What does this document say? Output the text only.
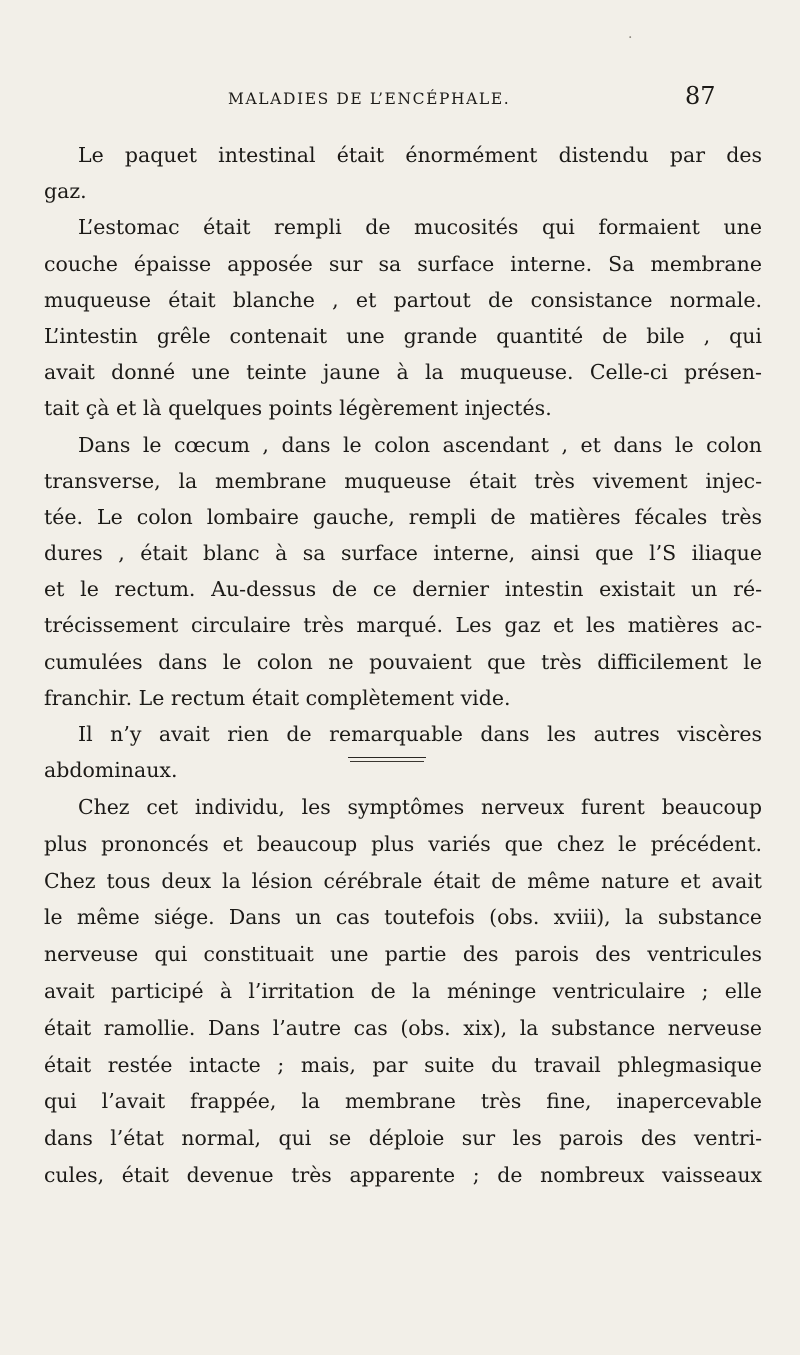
MALADIES DE L’ENCÉPHALE.	87
Le paquet intestinal était énormément distendu par des
gaz.
L’estomac était rempli de mucosités qui formaient une
couche épaisse apposée sur sa surface interne. Sa membrane
muqueuse était blanche , et partout de consistance normale.
L’intestin grêle contenait une grande quantité de bile , qui
avait donné une teinte jaune à la muqueuse. Celle-ci présen-
tait çà et là quelques points légèrement injectés.
Dans le cœcum , dans le colon ascendant , et dans le colon
transverse, la membrane muqueuse était très vivement injec-
tée. Le colon lombaire gauche, rempli de matières fécales très
dures , était blanc à sa surface interne, ainsi que l’S iliaque
et le rectum. Au-dessus de ce dernier intestin existait un ré-
trécissement circulaire très marqué. Les gaz et les matières ac-
cumulées dans le colon ne pouvaient que très difficilement le
franchir. Le rectum était complètement vide.
Il n’y avait rien de remarquable dans les autres viscères
abdominaux.
Chez cet individu, les symptômes nerveux furent beaucoup
plus prononcés et beaucoup plus variés que chez le précédent.
Chez tous deux la lésion cérébrale était de même nature et avait
le même siége. Dans un cas toutefois (obs. xviii), la substance
nerveuse qui constituait une partie des parois des ventricules
avait participé à l’irritation de la méninge ventriculaire ; elle
était ramollie. Dans l’autre cas (obs. xix), la substance nerveuse
était restée intacte ; mais, par suite du travail phlegmasique
qui l’avait frappée, la membrane très fine, inapercevable
dans l’état normal, qui se déploie sur les parois des ventri-
cules, était devenue très apparente ; de nombreux vaisseaux
·
